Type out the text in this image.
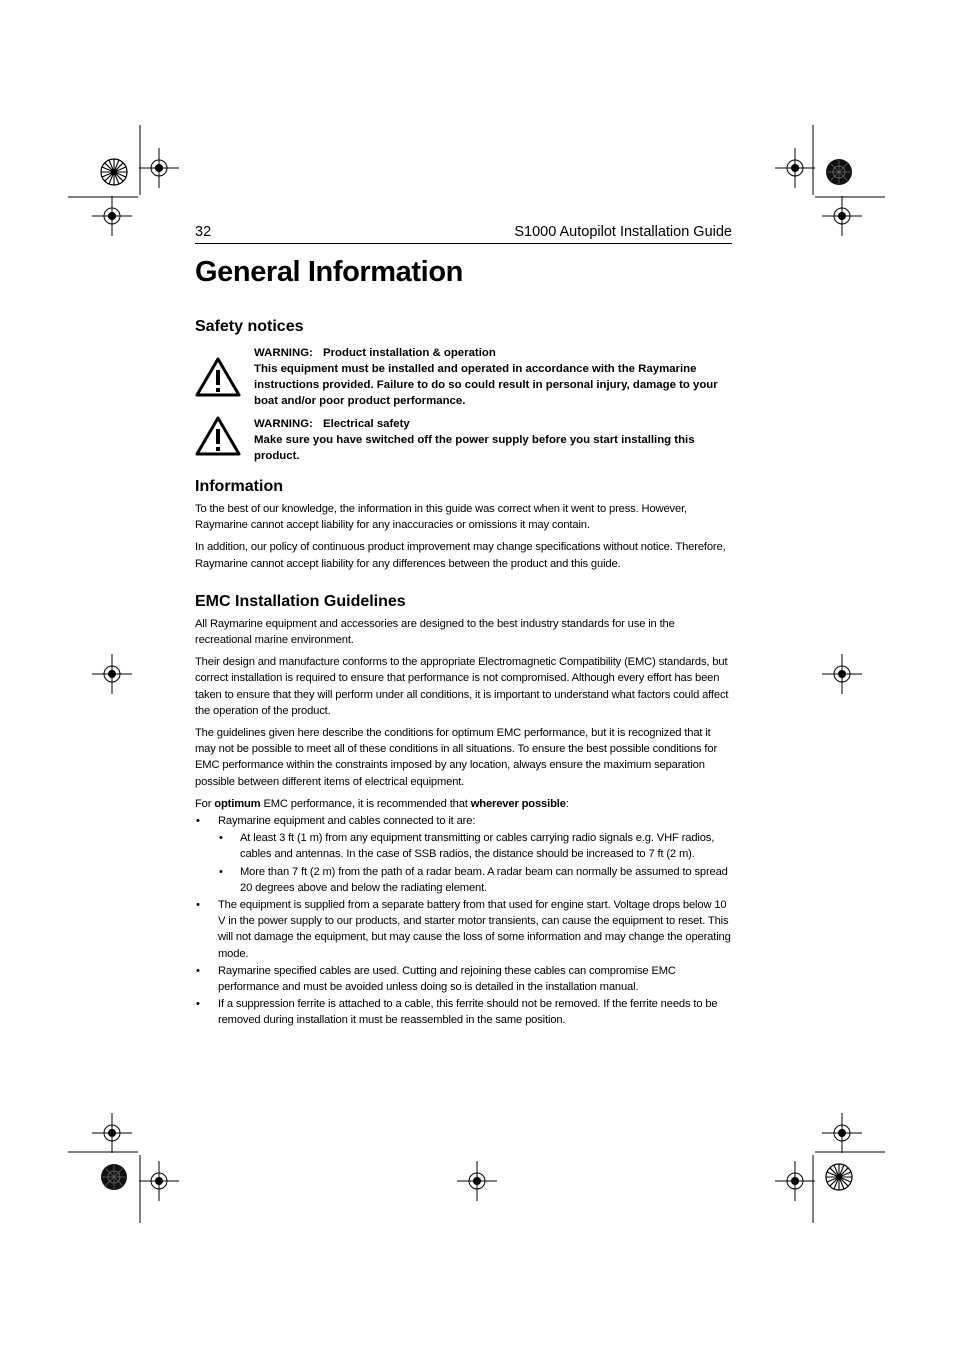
32	S1000 Autopilot Installation Guide
General Information
Safety notices
WARNING: Product installation & operation
This equipment must be installed and operated in accordance with the Raymarine instructions provided. Failure to do so could result in personal injury, damage to your boat and/or poor product performance.
WARNING: Electrical safety
Make sure you have switched off the power supply before you start installing this product.
Information

To the best of our knowledge, the information in this guide was correct when it went to press. However, Raymarine cannot accept liability for any inaccuracies or omissions it may contain.

In addition, our policy of continuous product improvement may change specifications without notice. Therefore, Raymarine cannot accept liability for any differences between the product and this guide.

EMC Installation Guidelines

All Raymarine equipment and accessories are designed to the best industry standards for use in the recreational marine environment.

Their design and manufacture conforms to the appropriate Electromagnetic Compatibility (EMC) standards, but correct installation is required to ensure that performance is not compromised. Although every effort has been taken to ensure that they will perform under all conditions, it is important to understand what factors could affect the operation of the product.

The guidelines given here describe the conditions for optimum EMC performance, but it is recognized that it may not be possible to meet all of these conditions in all situations. To ensure the best possible conditions for EMC performance within the constraints imposed by any location, always ensure the maximum separation possible between different items of electrical equipment.

For optimum EMC performance, it is recommended that wherever possible:

• Raymarine equipment and cables connected to it are:
• At least 3 ft (1 m) from any equipment transmitting or cables carrying radio signals e.g. VHF radios, cables and antennas. In the case of SSB radios, the distance should be increased to 7 ft (2 m).
• More than 7 ft (2 m) from the path of a radar beam. A radar beam can normally be assumed to spread 20 degrees above and below the radiating element.
• The equipment is supplied from a separate battery from that used for engine start. Voltage drops below 10 V in the power supply to our products, and starter motor transients, can cause the equipment to reset. This will not damage the equipment, but may cause the loss of some information and may change the operating mode.
• Raymarine specified cables are used. Cutting and rejoining these cables can compromise EMC performance and must be avoided unless doing so is detailed in the installation manual.
• If a suppression ferrite is attached to a cable, this ferrite should not be removed. If the ferrite needs to be removed during installation it must be reassembled in the same position.
